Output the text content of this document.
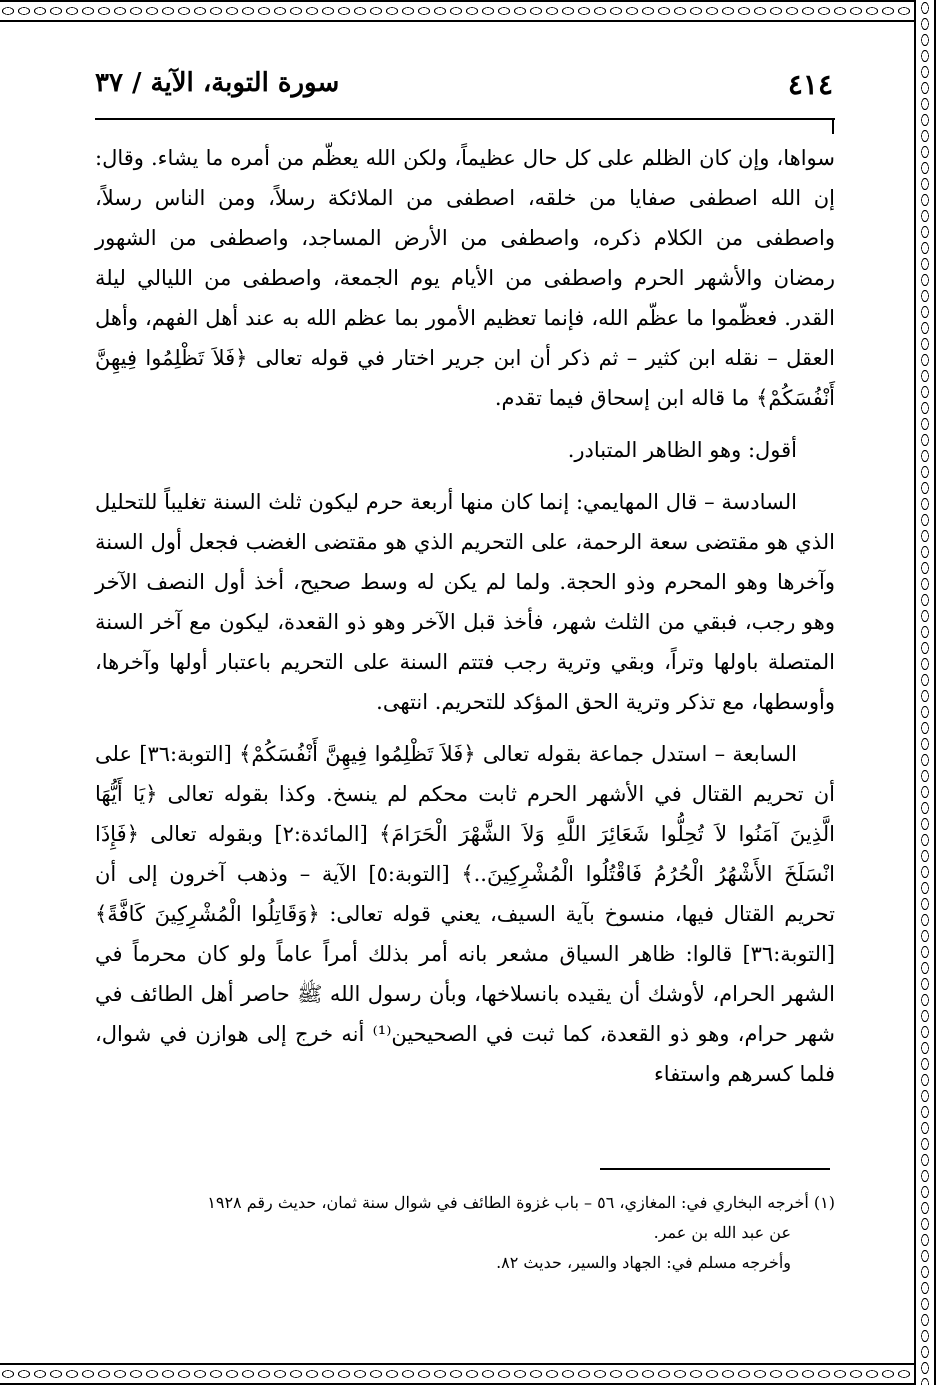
٤١٤
سورة التوبة، الآية / ٣٧

سواها، وإن كان الظلم على كل حال عظيماً، ولكن الله يعظّم من أمره ما يشاء. وقال: إن الله اصطفى صفايا من خلقه، اصطفى من الملائكة رسلاً، ومن الناس رسلاً، واصطفى من الكلام ذكره، واصطفى من الأرض المساجد، واصطفى من الشهور رمضان والأشهر الحرم واصطفى من الأيام يوم الجمعة، واصطفى من الليالي ليلة القدر. فعظّموا ما عظّم الله، فإنما تعظيم الأمور بما عظم الله به عند أهل الفهم، وأهل العقل – نقله ابن كثير – ثم ذكر أن ابن جرير اختار في قوله تعالى ﴿فَلاَ تَظْلِمُوا فِيهِنَّ أَنْفُسَكُمْ﴾ ما قاله ابن إسحاق فيما تقدم.

أقول: وهو الظاهر المتبادر.

السادسة – قال المهايمي: إنما كان منها أربعة حرم ليكون ثلث السنة تغليباً للتحليل الذي هو مقتضى سعة الرحمة، على التحريم الذي هو مقتضى الغضب فجعل أول السنة وآخرها وهو المحرم وذو الحجة. ولما لم يكن له وسط صحيح، أخذ أول النصف الآخر وهو رجب، فبقي من الثلث شهر، فأخذ قبل الآخر وهو ذو القعدة، ليكون مع آخر السنة المتصلة باولها وتراً، وبقي وترية رجب فتتم السنة على التحريم باعتبار أولها وآخرها، وأوسطها، مع تذكر وترية الحق المؤكد للتحريم. انتهى.

السابعة – استدل جماعة بقوله تعالى ﴿فَلاَ تَظْلِمُوا فِيهِنَّ أَنْفُسَكُمْ﴾ [التوبة:٣٦] على أن تحريم القتال في الأشهر الحرم ثابت محكم لم ينسخ. وكذا بقوله تعالى ﴿يَا أَيُّهَا الَّذِينَ آمَنُوا لاَ تُحِلُّوا شَعَائِرَ اللَّهِ وَلاَ الشَّهْرَ الْحَرَامَ﴾ [المائدة:٢] وبقوله تعالى ﴿فَإِذَا انْسَلَخَ الأَشْهُرُ الْحُرُمُ فَاقْتُلُوا الْمُشْرِكِينَ..﴾ [التوبة:٥] الآية – وذهب آخرون إلى أن تحريم القتال فيها، منسوخ بآية السيف، يعني قوله تعالى: ﴿وَقَاتِلُوا الْمُشْرِكِينَ كَافَّةً﴾ [التوبة:٣٦] قالوا: ظاهر السياق مشعر بانه أمر بذلك أمراً عاماً ولو كان محرماً في الشهر الحرام، لأوشك أن يقيده بانسلاخها، وبأن رسول الله ﷺ حاصر أهل الطائف في شهر حرام، وهو ذو القعدة، كما ثبت في الصحيحين⁽¹⁾ أنه خرج إلى هوازن في شوال، فلما كسرهم واستفاء

(١) أخرجه البخاري في: المغازي، ٥٦ – باب غزوة الطائف في شوال سنة ثمان، حديث رقم ١٩٢٨

عن عبد الله بن عمر.

وأخرجه مسلم في: الجهاد والسير، حديث ٨٢.
